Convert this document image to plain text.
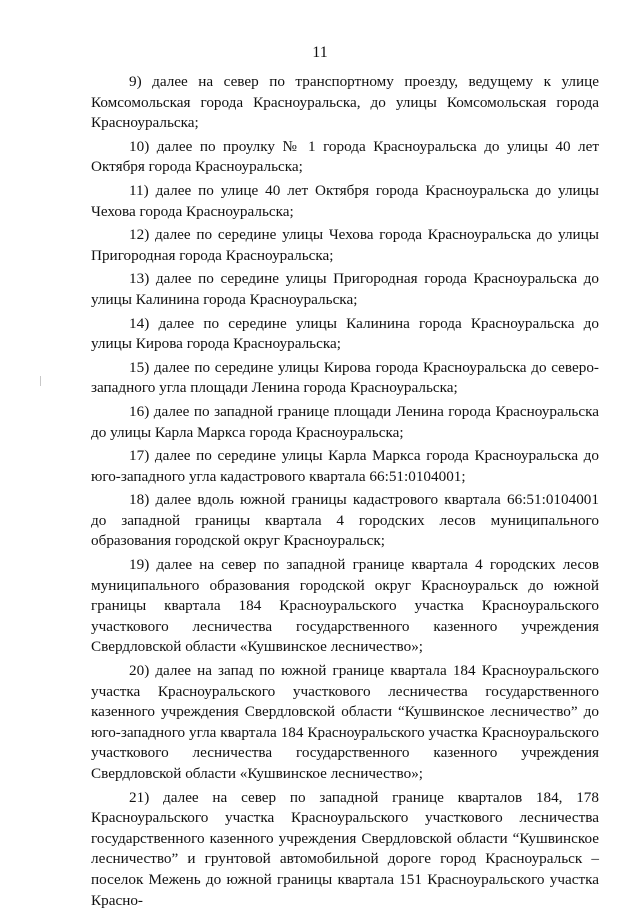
11

9) далее на север по транспортному проезду, ведущему к улице Комсомольская города Красноуральска, до улицы Комсомольская города Красноуральска;

10) далее по проулку № 1 города Красноуральска до улицы 40 лет Октября города Красноуральска;

11) далее по улице 40 лет Октября города Красноуральска до улицы Чехова города Красноуральска;

12) далее по середине улицы Чехова города Красноуральска до улицы Пригородная города Красноуральска;

13) далее по середине улицы Пригородная города Красноуральска до улицы Калинина города Красноуральска;

14) далее по середине улицы Калинина города Красноуральска до улицы Кирова города Красноуральска;

15) далее по середине улицы Кирова города Красноуральска до северо-западного угла площади Ленина города Красноуральска;

16) далее по западной границе площади Ленина города Красноуральска до улицы Карла Маркса города Красноуральска;

17) далее по середине улицы Карла Маркса города Красноуральска до юго-западного угла кадастрового квартала 66:51:0104001;

18) далее вдоль южной границы кадастрового квартала 66:51:0104001 до западной границы квартала 4 городских лесов муниципального образования городской округ Красноуральск;

19) далее на север по западной границе квартала 4 городских лесов муниципального образования городской округ Красноуральск до южной границы квартала 184 Красноуральского участка Красноуральского участкового лесничества государственного казенного учреждения Свердловской области «Кушвинское лесничество»;

20) далее на запад по южной границе квартала 184 Красноуральского участка Красноуральского участкового лесничества государственного казенного учреждения Свердловской области “Кушвинское лесничество” до юго-западного угла квартала 184 Красноуральского участка Красноуральского участкового лесничества государственного казенного учреждения Свердловской области «Кушвинское лесничество»;

21) далее на север по западной границе кварталов 184, 178 Красноуральского участка Красноуральского участкового лесничества государственного казенного учреждения Свердловской области “Кушвинское лесничество” и грунтовой автомобильной дороге город Красноуральск – поселок Межень до южной границы квартала 151 Красноуральского участка Красно-
